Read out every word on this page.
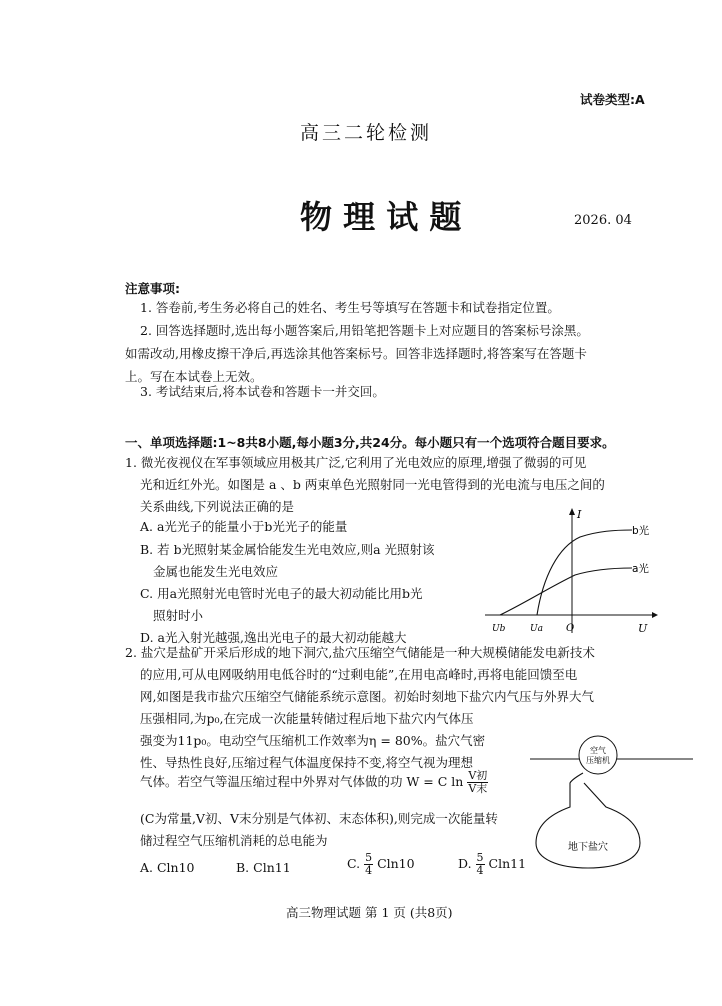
试卷类型:A
高三二轮检测
物 理 试 题	2026. 04
注意事项:
1. 答卷前,考生务必将自己的姓名、考生号等填写在答题卡和试卷指定位置。
2. 回答选择题时,选出每小题答案后,用铅笔把答题卡上对应题目的答案标号涂黑。
如需改动,用橡皮擦干净后,再选涂其他答案标号。回答非选择题时,将答案写在答题卡
上。写在本试卷上无效。
3. 考试结束后,将本试卷和答题卡一并交回。
一、单项选择题:1~8共8小题,每小题3分,共24分。每小题只有一个选项符合题目要求。
1. 微光夜视仪在军事领域应用极其广泛,它利用了光电效应的原理,增强了微弱的可见
光和近红外光。如图是 a 、b 两束单色光照射同一光电管得到的光电流与电压之间的
关系曲线,下列说法正确的是
A. a光光子的能量小于b光光子的能量
B. 若 b光照射某金属恰能发生光电效应,则a 光照射该
金属也能发生光电效应
C. 用a光照射光电管时光电子的最大初动能比用b光
照射时小
D. a光入射光越强,逸出光电子的最大初动能越大
I
U
b光
a光
Ub	Ua O
2. 盐穴是盐矿开采后形成的地下洞穴,盐穴压缩空气储能是一种大规模储能发电新技术
的应用,可从电网吸纳用电低谷时的“过剩电能”,在用电高峰时,再将电能回馈至电
网,如图是我市盐穴压缩空气储能系统示意图。初始时刻地下盐穴内气压与外界大气
压强相同,为p₀,在完成一次能量转储过程后地下盐穴内气体压
强变为11p₀。电动空气压缩机工作效率为η = 80%。盐穴气密
性、导热性良好,压缩过程气体温度保持不变,将空气视为理想
气体。若空气等温压缩过程中外界对气体做的功 W = C $\ln \frac{\text{V初}}{\text{V末}}$
(C为常量,V初、V末分别是气体初、末态体积),则完成一次能量转
储过程空气压缩机消耗的总电能为
A. Cln10	B. Cln11	C. $\frac{5}{4} Cln10$	D. $\frac{5}{4} Cln11$
空气
压缩机
地下盐穴
高三物理试题 第 1 页 (共8页)
